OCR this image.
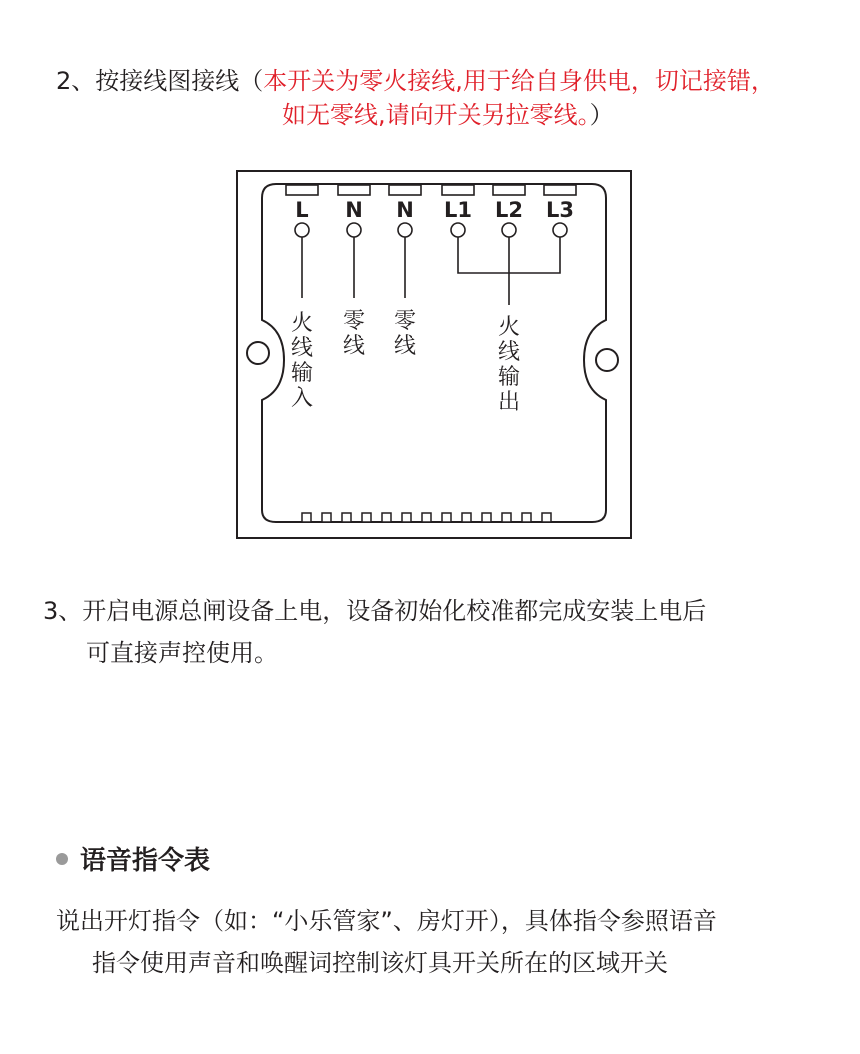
2、按接线图接线（本开关为零火接线,用于给自身供电，切记接错，
如无零线,请向开关另拉零线。）
L N N L1 L2 L3
火
线
输
入
零
线
零
线
火
线
输
出
3、开启电源总闸设备上电，设备初始化校准都完成安装上电后
可直接声控使用。
语音指令表
说出开灯指令（如：“小乐管家”、房灯开），具体指令参照语音
指令使用声音和唤醒词控制该灯具开关所在的区域开关
